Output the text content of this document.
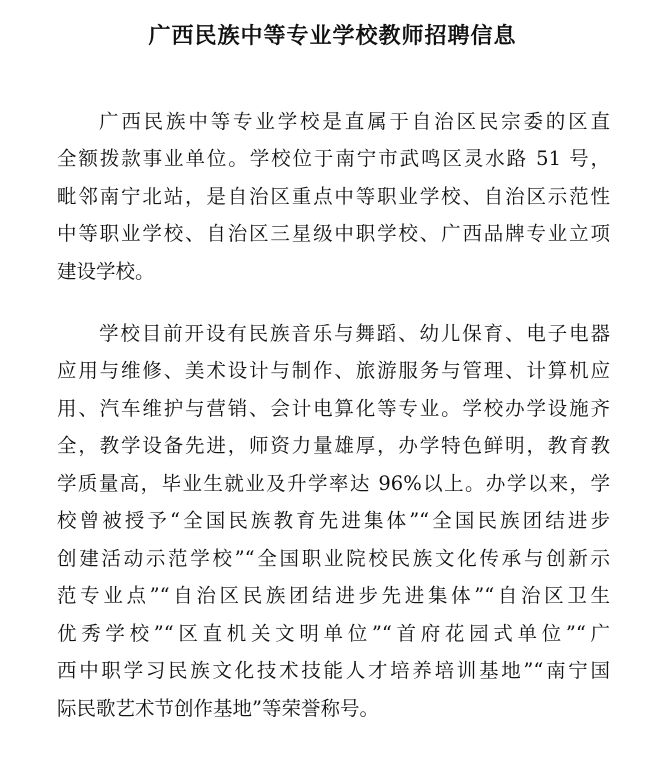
广西民族中等专业学校教师招聘信息
广西民族中等专业学校是直属于自治区民宗委的区直
全额拨款事业单位。学校位于南宁市武鸣区灵水路 51 号，
毗邻南宁北站，是自治区重点中等职业学校、自治区示范性
中等职业学校、自治区三星级中职学校、广西品牌专业立项
建设学校。
学校目前开设有民族音乐与舞蹈、幼儿保育、电子电器
应用与维修、美术设计与制作、旅游服务与管理、计算机应
用、汽车维护与营销、会计电算化等专业。学校办学设施齐
全，教学设备先进，师资力量雄厚，办学特色鲜明，教育教
学质量高，毕业生就业及升学率达 96%以上。办学以来，学
校曾被授予“全国民族教育先进集体”“全国民族团结进步
创建活动示范学校”“全国职业院校民族文化传承与创新示
范专业点”“自治区民族团结进步先进集体”“自治区卫生
优秀学校”“区直机关文明单位”“首府花园式单位”“广
西中职学习民族文化技术技能人才培养培训基地”“南宁国
际民歌艺术节创作基地”等荣誉称号。
